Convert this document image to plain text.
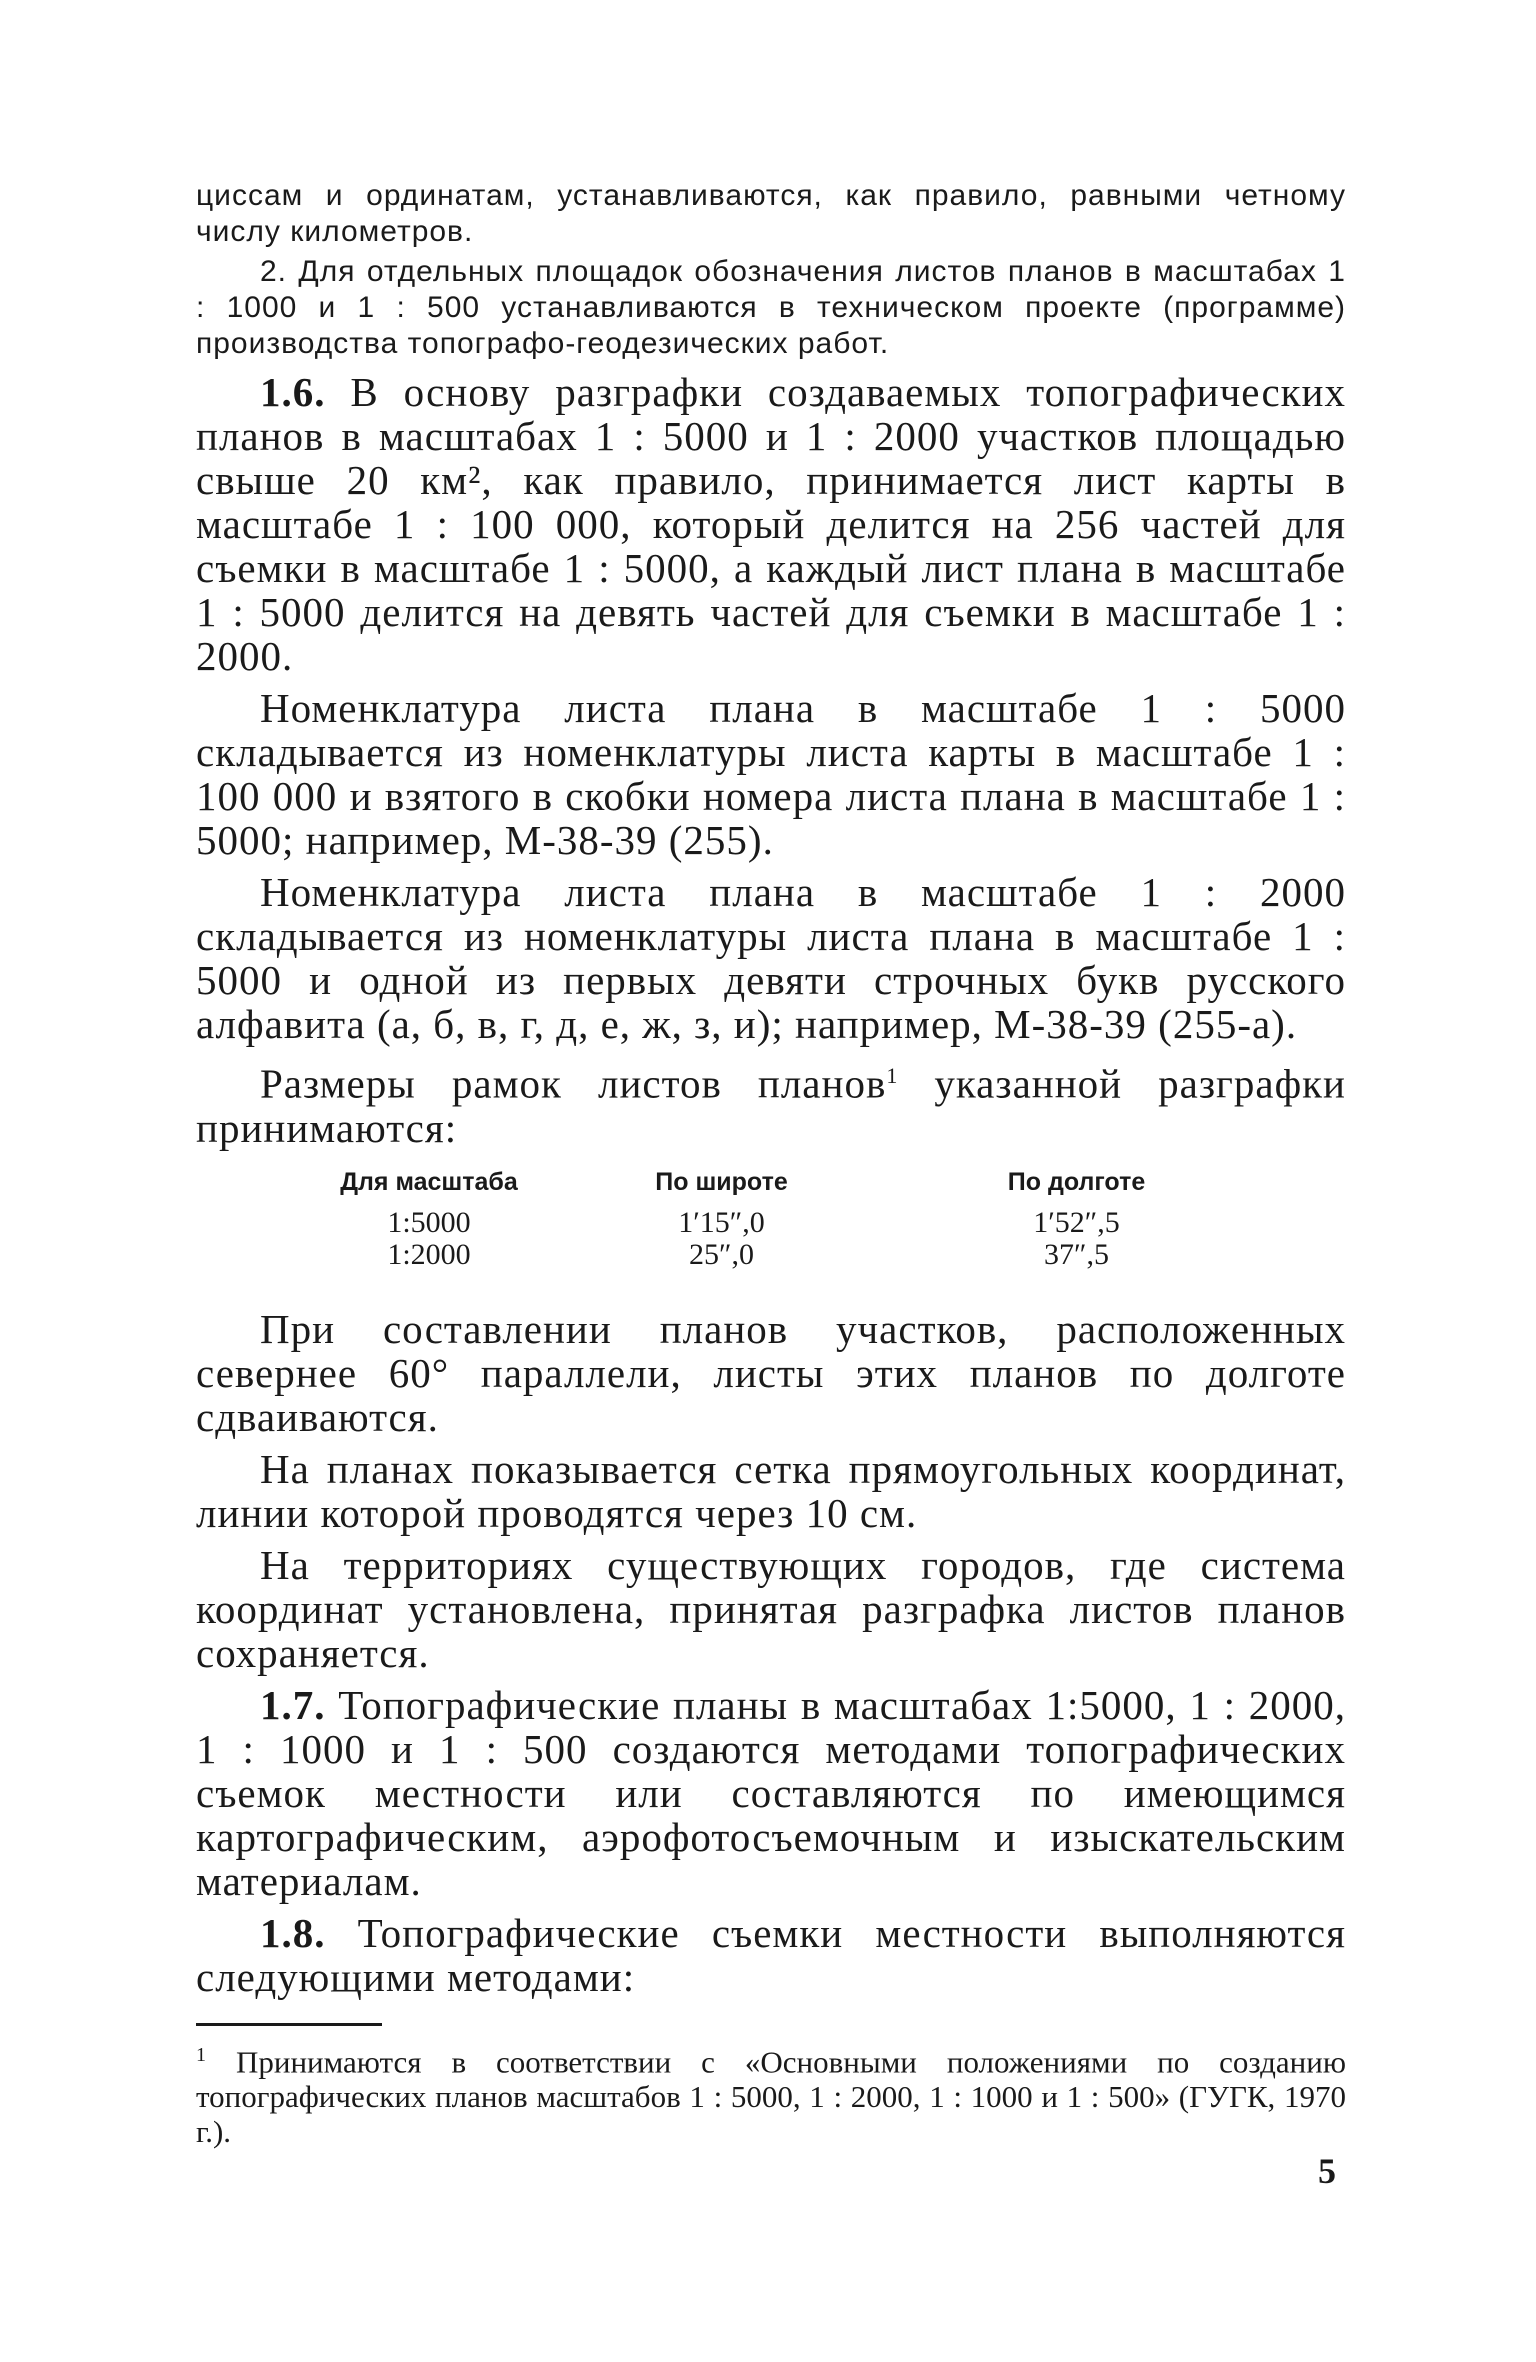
циссам и ординатам, устанавливаются, как правило, равными четному числу километров.

2. Для отдельных площадок обозначения листов планов в масштабах 1 : 1000 и 1 : 500 устанавливаются в техническом проекте (программе) производства топографо-геодезических работ.

1.6. В основу разграфки создаваемых топографических планов в масштабах 1 : 5000 и 1 : 2000 участков площадью свыше 20 км², как правило, принимается лист карты в масштабе 1 : 100 000, который делится на 256 частей для съемки в масштабе 1 : 5000, а каждый лист плана в масштабе 1 : 5000 делится на девять частей для съемки в масштабе 1 : 2000.

Номенклатура листа плана в масштабе 1 : 5000 складывается из номенклатуры листа карты в масштабе 1 : 100 000 и взятого в скобки номера листа плана в масштабе 1 : 5000; например, М-38-39 (255).

Номенклатура листа плана в масштабе 1 : 2000 складывается из номенклатуры листа плана в масштабе 1 : 5000 и одной из первых девяти строчных букв русского алфавита (а, б, в, г, д, е, ж, з, и); например, М-38-39 (255-а).

Размеры рамок листов планов$^1$ указанной разграфки принимаются:

Для масштаба	По широте	По долготе
1:5000	1′15″,0	1′52″,5
1:2000	25″,0	37″,5

При составлении планов участков, расположенных севернее 60° параллели, листы этих планов по долготе сдваиваются.

На планах показывается сетка прямоугольных координат, линии которой проводятся через 10 см.

На территориях существующих городов, где система координат установлена, принятая разграфка листов планов сохраняется.

1.7. Топографические планы в масштабах 1:5000, 1 : 2000, 1 : 1000 и 1 : 500 создаются методами топографических съемок местности или составляются по имеющимся картографическим, аэрофотосъемочным и изыскательским материалам.

1.8. Топографические съемки местности выполняются следующими методами:

$^1$ Принимаются в соответствии с «Основными положениями по созданию топографических планов масштабов 1 : 5000, 1 : 2000, 1 : 1000 и 1 : 500» (ГУГК, 1970 г.).

5
